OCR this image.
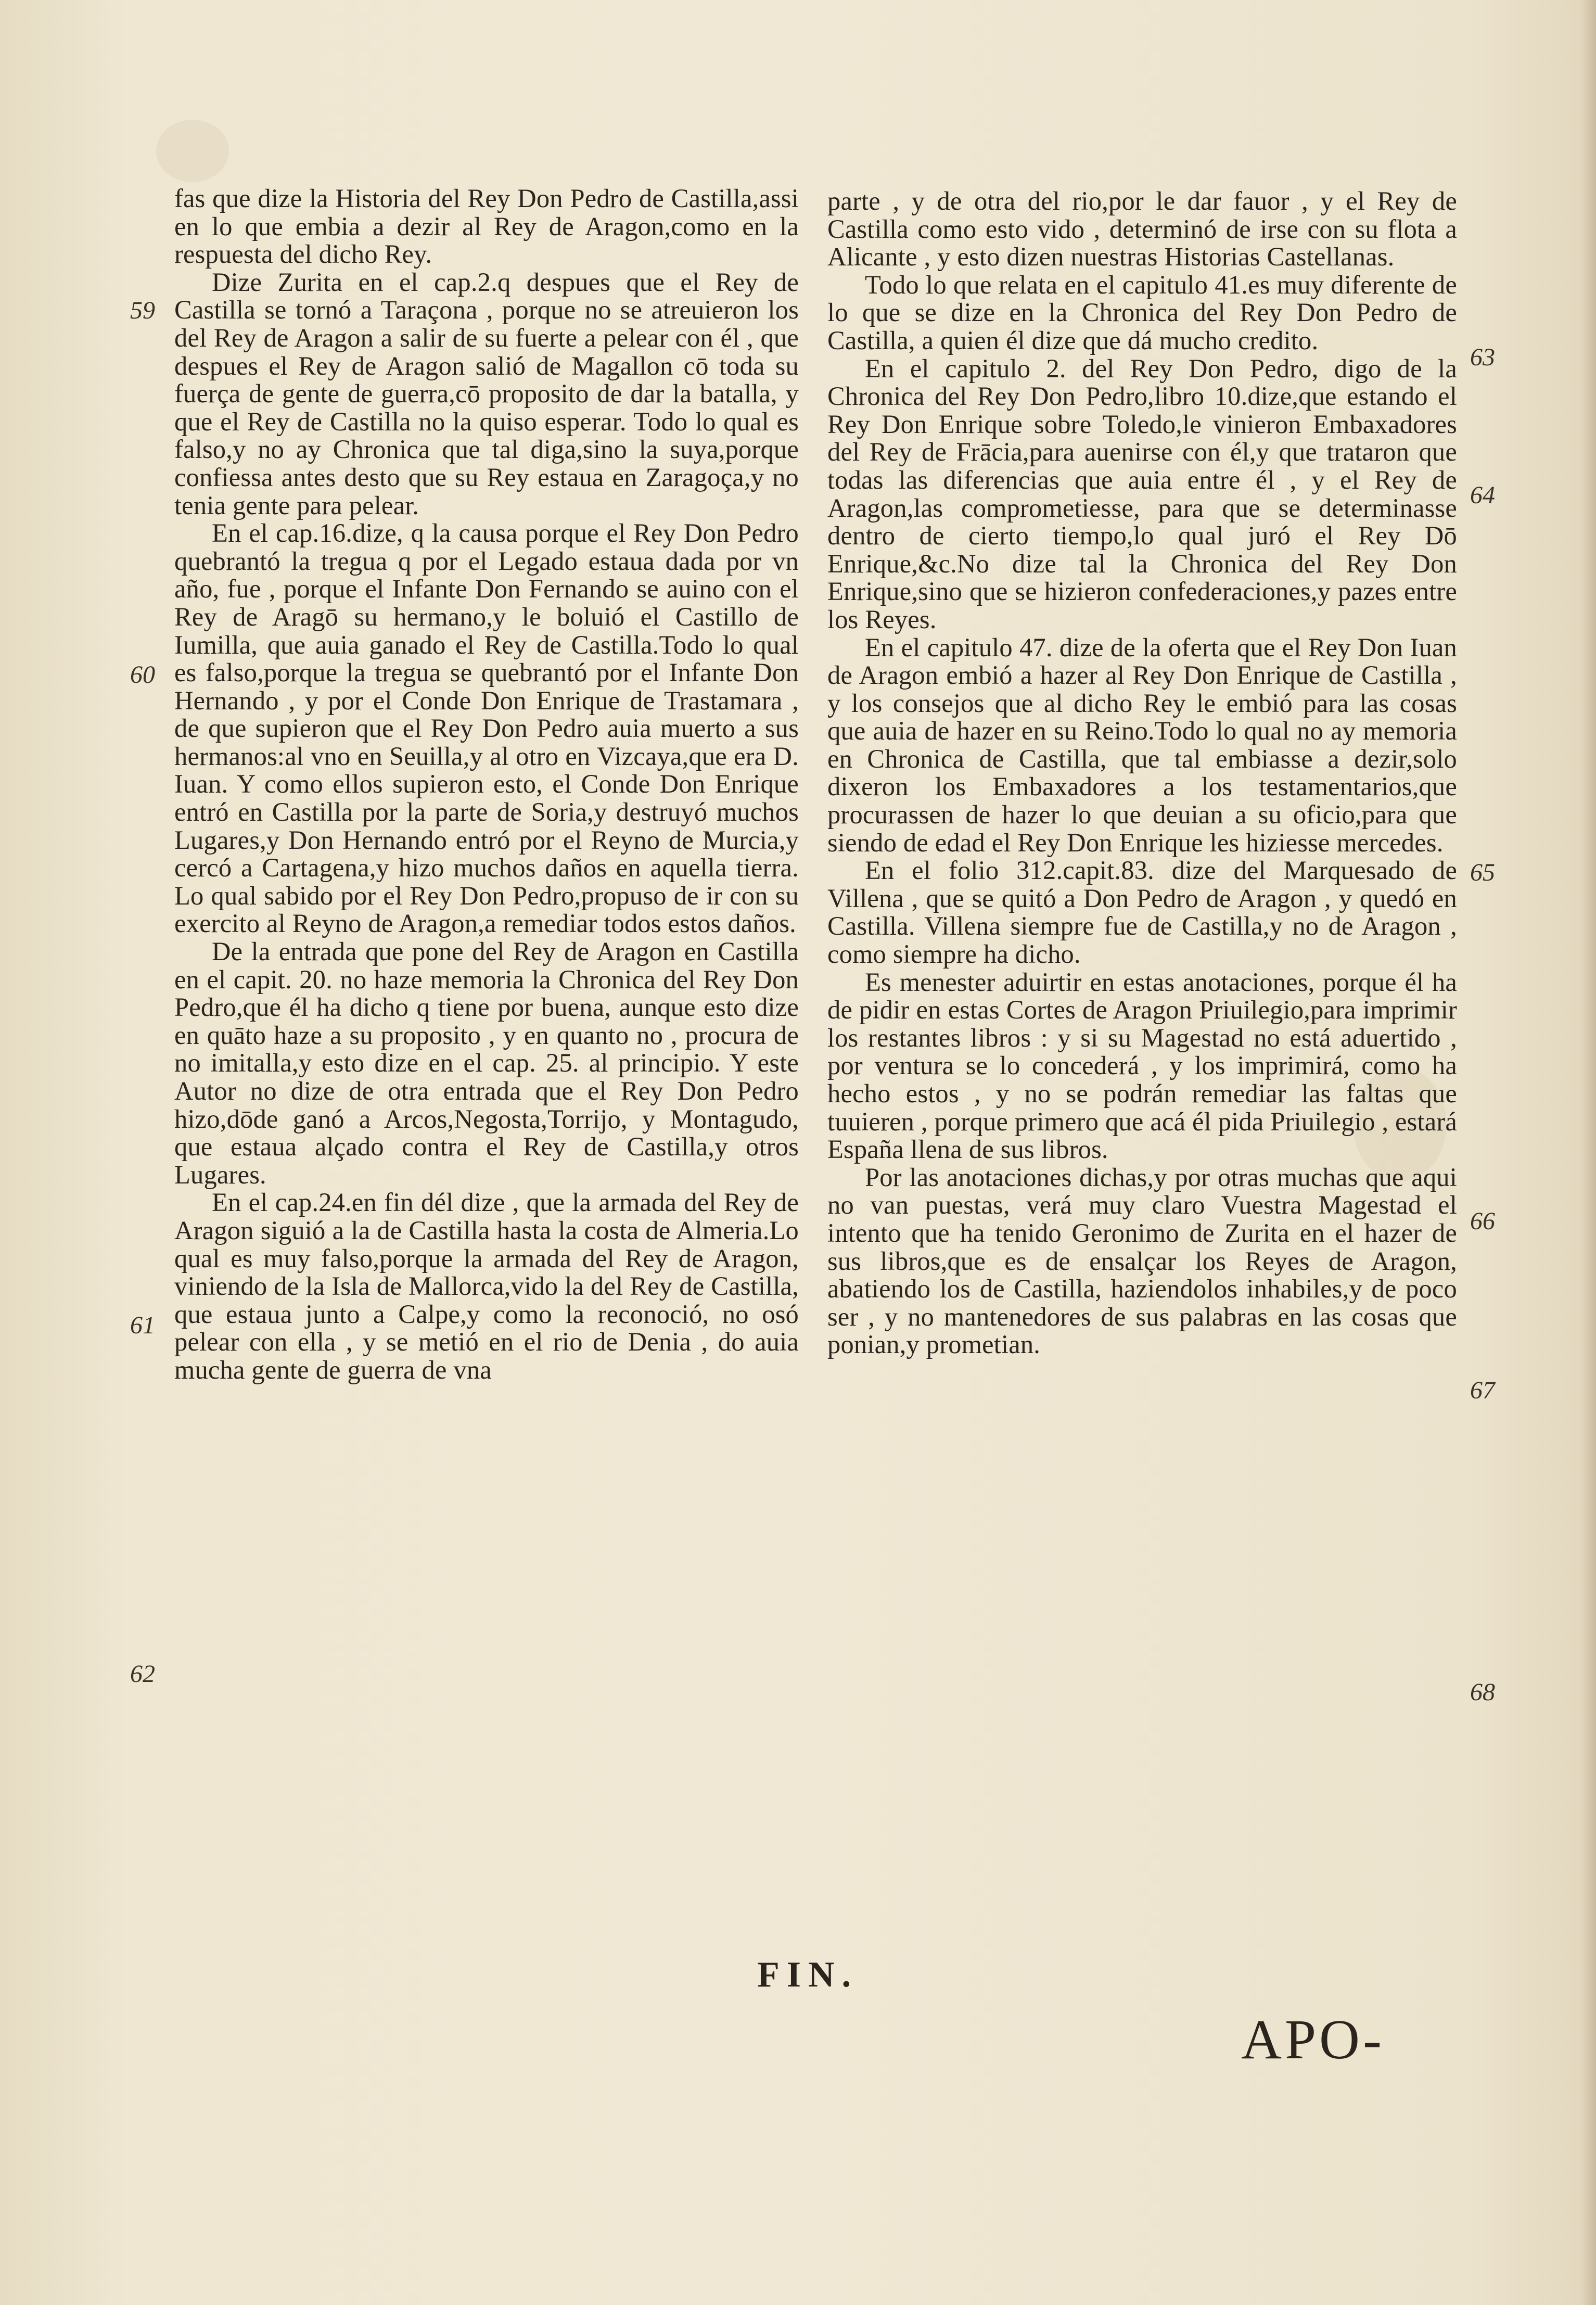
fas que dize la Historia del Rey Don Pedro de Castilla,assi en lo que embia a dezir al Rey de Aragon,como en la respuesta del dicho Rey.

Dize Zurita en el cap.2.q despues que el Rey de Castilla se tornó a Taraçona , porque no se atreuieron los del Rey de Aragon a salir de su fuerte a pelear con él , que despues el Rey de Aragon salió de Magallon cō toda su fuerça de gente de guerra,cō proposito de dar la batalla, y que el Rey de Castilla no la quiso esperar. Todo lo qual es falso,y no ay Chronica que tal diga,sino la suya,porque confiessa antes desto que su Rey estaua en Zaragoça,y no tenia gente para pelear.

En el cap.16.dize, q la causa porque el Rey Don Pedro quebrantó la tregua q por el Legado estaua dada por vn año, fue , porque el Infante Don Fernando se auino con el Rey de Aragō su hermano,y le boluió el Castillo de Iumilla, que auia ganado el Rey de Castilla.Todo lo qual es falso,porque la tregua se quebrantó por el Infante Don Hernando , y por el Conde Don Enrique de Trastamara , de que supieron que el Rey Don Pedro auia muerto a sus hermanos:al vno en Seuilla,y al otro en Vizcaya,que era D. Iuan. Y como ellos supieron esto, el Conde Don Enrique entró en Castilla por la parte de Soria,y destruyó muchos Lugares,y Don Hernando entró por el Reyno de Murcia,y cercó a Cartagena,y hizo muchos daños en aquella tierra. Lo qual sabido por el Rey Don Pedro,propuso de ir con su exercito al Reyno de Aragon,a remediar todos estos daños.

De la entrada que pone del Rey de Aragon en Castilla en el capit. 20. no haze memoria la Chronica del Rey Don Pedro,que él ha dicho q tiene por buena, aunque esto dize en quāto haze a su proposito , y en quanto no , procura de no imitalla,y esto dize en el cap. 25. al principio. Y este Autor no dize de otra entrada que el Rey Don Pedro hizo,dōde ganó a Arcos,Negosta,Torrijo, y Montagudo, que estaua alçado contra el Rey de Castilla,y otros Lugares.

En el cap.24.en fin dél dize , que la armada del Rey de Aragon siguió a la de Castilla hasta la costa de Almeria.Lo qual es muy falso,porque la armada del Rey de Aragon, viniendo de la Isla de Mallorca,vido la del Rey de Castilla, que estaua junto a Calpe,y como la reconoció, no osó pelear con ella , y se metió en el rio de Denia , do auia mucha gente de guerra de vna

59
60
61
62

parte , y de otra del rio,por le dar fauor , y el Rey de Castilla como esto vido , determinó de irse con su flota a Alicante , y esto dizen nuestras Historias Castellanas.

Todo lo que relata en el capitulo 41.es muy diferente de lo que se dize en la Chronica del Rey Don Pedro de Castilla, a quien él dize que dá mucho credito.

En el capitulo 2. del Rey Don Pedro, digo de la Chronica del Rey Don Pedro,libro 10.dize,que estando el Rey Don Enrique sobre Toledo,le vinieron Embaxadores del Rey de Frācia,para auenirse con él,y que trataron que todas las diferencias que auia entre él , y el Rey de Aragon,las comprometiesse, para que se determinasse dentro de cierto tiempo,lo qual juró el Rey Dō Enrique,&c.No dize tal la Chronica del Rey Don Enrique,sino que se hizieron confederaciones,y pazes entre los Reyes.

En el capitulo 47. dize de la oferta que el Rey Don Iuan de Aragon embió a hazer al Rey Don Enrique de Castilla , y los consejos que al dicho Rey le embió para las cosas que auia de hazer en su Reino.Todo lo qual no ay memoria en Chronica de Castilla, que tal embiasse a dezir,solo dixeron los Embaxadores a los testamentarios,que procurassen de hazer lo que deuian a su oficio,para que siendo de edad el Rey Don Enrique les hiziesse mercedes.

En el folio 312.capit.83. dize del Marquesado de Villena , que se quitó a Don Pedro de Aragon , y quedó en Castilla. Villena siempre fue de Castilla,y no de Aragon , como siempre ha dicho.

Es menester aduirtir en estas anotaciones, porque él ha de pidir en estas Cortes de Aragon Priuilegio,para imprimir los restantes libros : y si su Magestad no está aduertido , por ventura se lo concederá , y los imprimirá, como ha hecho estos , y no se podrán remediar las faltas que tuuieren , porque primero que acá él pida Priuilegio , estará España llena de sus libros.

Por las anotaciones dichas,y por otras muchas que aqui no van puestas, verá muy claro Vuestra Magestad el intento que ha tenido Geronimo de Zurita en el hazer de sus libros,que es de ensalçar los Reyes de Aragon, abatiendo los de Castilla, haziendolos inhabiles,y de poco ser , y no mantenedores de sus palabras en las cosas que ponian,y prometian.

63
64
65
66
67
68
FIN.
APO-
